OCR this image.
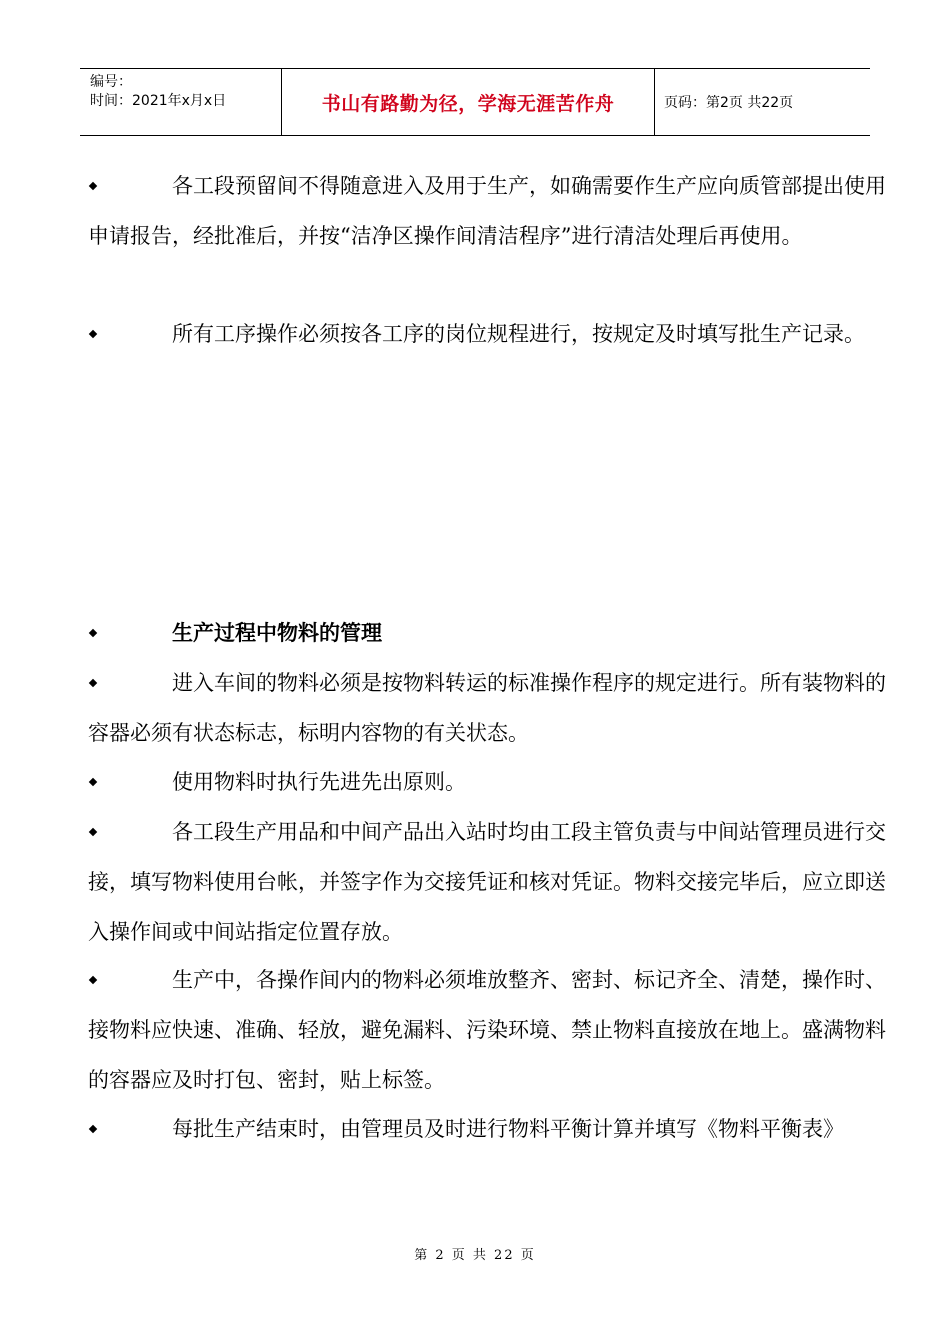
编号：
时间：2021年x月x日	书山有路勤为径，学海无涯苦作舟	页码：第2页 共22页
各工段预留间不得随意进入及用于生产，如确需要作生产应向质管部提出使用申请报告，经批准后，并按“洁净区操作间清洁程序”进行清洁处理后再使用。
所有工序操作必须按各工序的岗位规程进行，按规定及时填写批生产记录。
生产过程中物料的管理
进入车间的物料必须是按物料转运的标准操作程序的规定进行。所有装物料的容器必须有状态标志，标明内容物的有关状态。
使用物料时执行先进先出原则。
各工段生产用品和中间产品出入站时均由工段主管负责与中间站管理员进行交接，填写物料使用台帐，并签字作为交接凭证和核对凭证。物料交接完毕后，应立即送入操作间或中间站指定位置存放。
生产中，各操作间内的物料必须堆放整齐、密封、标记齐全、清楚，操作时、接物料应快速、准确、轻放，避免漏料、污染环境、禁止物料直接放在地上。盛满物料的容器应及时打包、密封，贴上标签。
每批生产结束时，由管理员及时进行物料平衡计算并填写《物料平衡表》
第 2 页 共 22 页
